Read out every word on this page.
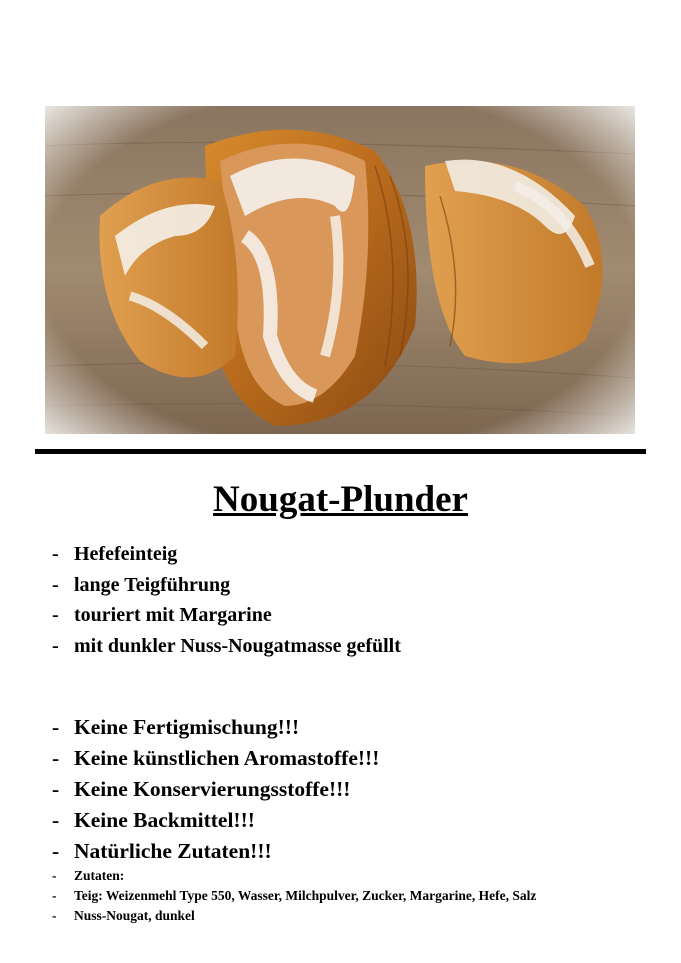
Nougat-Plunder
- Hefefeinteig
- lange Teigführung
- touriert mit Margarine
- mit dunkler Nuss-Nougatmasse gefüllt
- Keine Fertigmischung!!!
- Keine künstlichen Aromastoffe!!!
- Keine Konservierungsstoffe!!!
- Keine Backmittel!!!
- Natürliche Zutaten!!!
-	Zutaten:
-	Teig: Weizenmehl Type 550, Wasser, Milchpulver, Zucker, Margarine, Hefe, Salz
-	Nuss-Nougat, dunkel
